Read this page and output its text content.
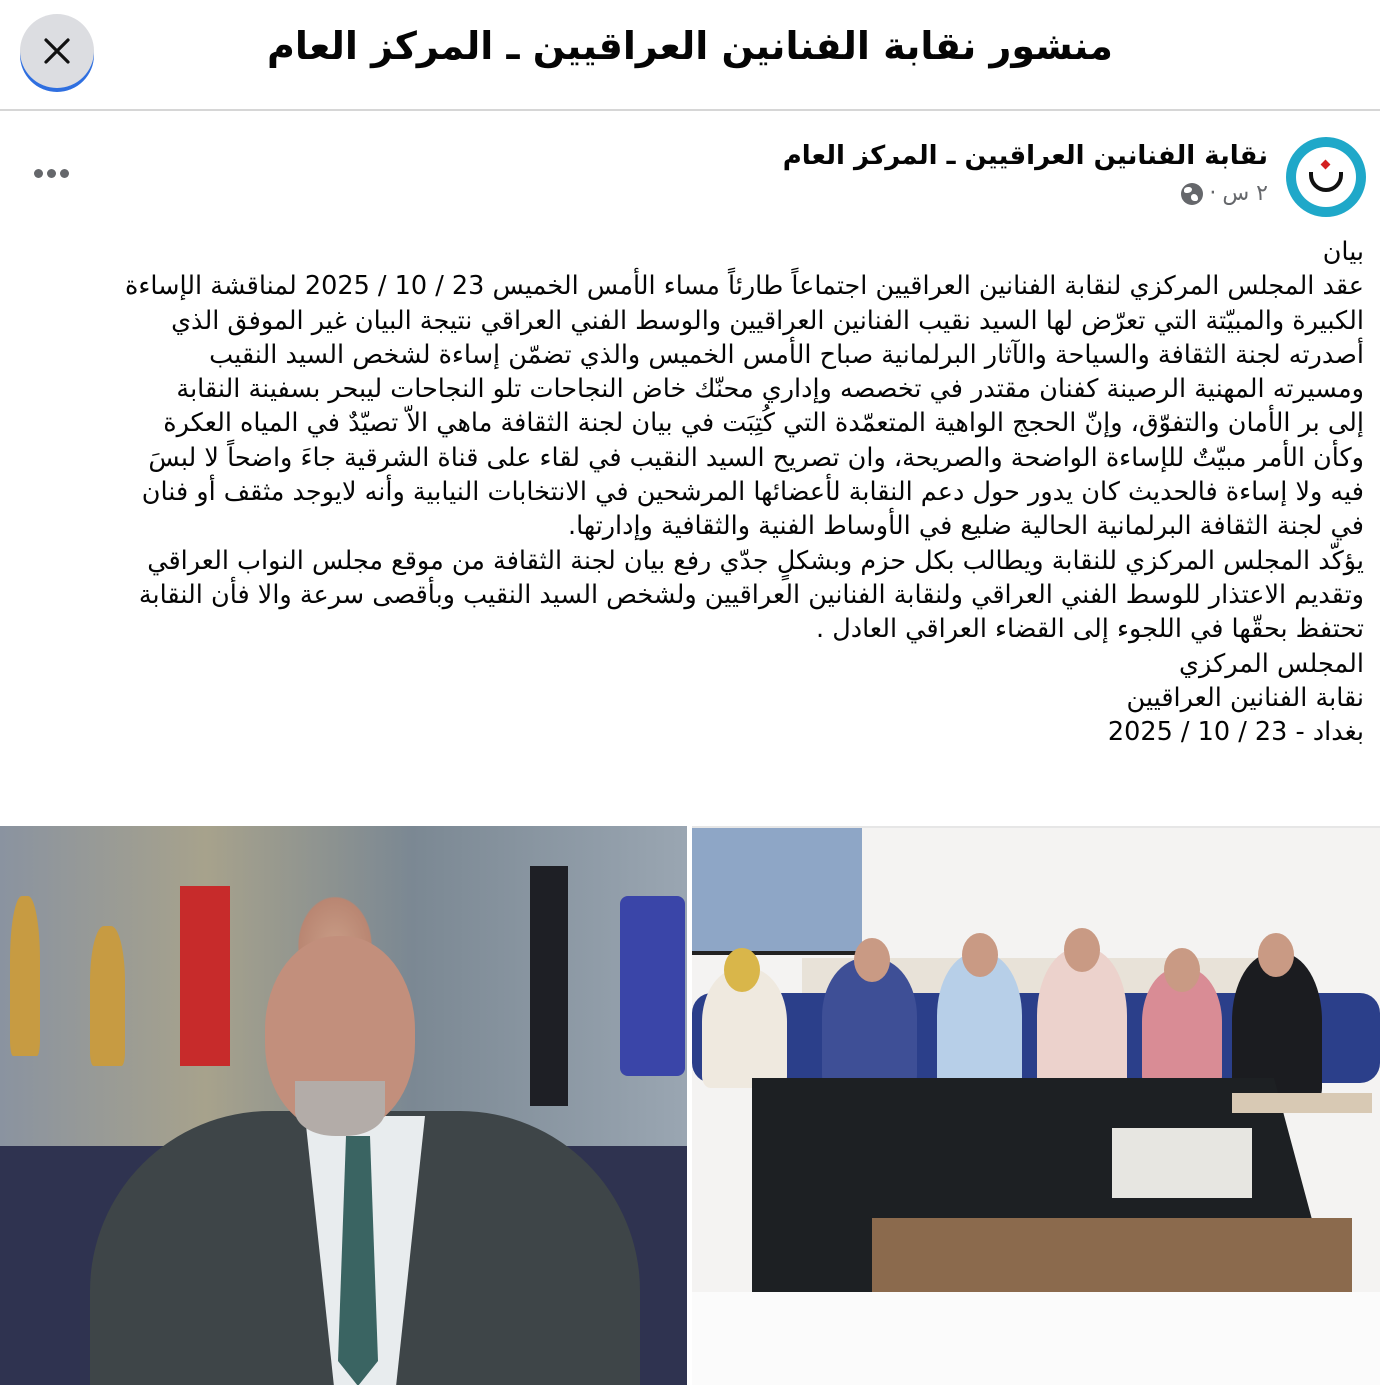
منشور نقابة الفنانين العراقيين ـ المركز العام
نقابة الفنانين العراقيين ـ المركز العام
٢ س
·

بيان

عقد المجلس المركزي لنقابة الفنانين العراقيين اجتماعاً طارئاً مساء الأمس الخميس 23 / 10 / 2025 لمناقشة الإساءة

الكبيرة والمبيّتة التي تعرّض لها السيد نقيب الفنانين العراقيين والوسط الفني العراقي نتيجة البيان غير الموفق الذي

أصدرته لجنة الثقافة والسياحة والآثار البرلمانية صباح الأمس الخميس والذي تضمّن إساءة لشخص السيد النقيب

ومسيرته المهنية الرصينة كفنان مقتدر في تخصصه وإداري محنّك خاض النجاحات تلو النجاحات ليبحر بسفينة النقابة

إلى بر الأمان والتفوّق، وإنّ الحجج الواهية المتعمّدة التي كُتِبَت في بيان لجنة الثقافة ماهي الاّ تصيّدٌ في المياه العكرة

وكأن الأمر مبيّتٌ للإساءة الواضحة والصريحة، وان تصريح السيد النقيب في لقاء على قناة الشرقية جاءَ واضحاً لا لبسَ

فيه ولا إساءة فالحديث كان يدور حول دعم النقابة لأعضائها المرشحين في الانتخابات النيابية وأنه لايوجد مثقف أو فنان

في لجنة الثقافة البرلمانية الحالية ضليع في الأوساط الفنية والثقافية وإدارتها.

يؤكّد المجلس المركزي للنقابة ويطالب بكل حزم وبشكلٍ جدّي رفع بيان لجنة الثقافة من موقع مجلس النواب العراقي

وتقديم الاعتذار للوسط الفني العراقي ولنقابة الفنانين العراقيين ولشخص السيد النقيب وبأقصى سرعة والا فأن النقابة

تحتفظ بحقّها في اللجوء إلى القضاء العراقي العادل .

المجلس المركزي

نقابة الفنانين العراقيين

بغداد - 23 / 10 / 2025
